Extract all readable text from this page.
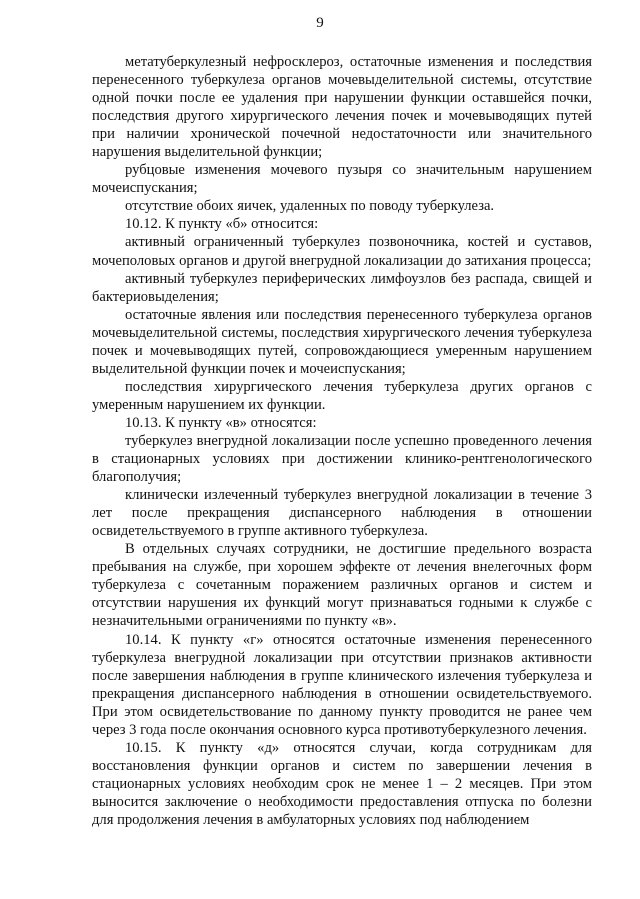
9

метатуберкулезный нефросклероз, остаточные изменения и последствия перенесенного туберкулеза органов мочевыделительной системы, отсутствие одной почки после ее удаления при нарушении функции оставшейся почки, последствия другого хирургического лечения почек и мочевыводящих путей при наличии хронической почечной недостаточности или значительного нарушения выделительной функции;

рубцовые изменения мочевого пузыря со значительным нарушением мочеиспускания;

отсутствие обоих яичек, удаленных по поводу туберкулеза.

10.12. К пункту «б» относится:

активный ограниченный туберкулез позвоночника, костей и суставов, мочеполовых органов и другой внегрудной локализации до затихания процесса;

активный туберкулез периферических лимфоузлов без распада, свищей и бактериовыделения;

остаточные явления или последствия перенесенного туберкулеза органов мочевыделительной системы, последствия хирургического лечения туберкулеза почек и мочевыводящих путей, сопровождающиеся умеренным нарушением выделительной функции почек и мочеиспускания;

последствия хирургического лечения туберкулеза других органов с умеренным нарушением их функции.

10.13. К пункту «в» относятся:

туберкулез внегрудной локализации после успешно проведенного лечения в стационарных условиях при достижении клинико-рентгенологического благополучия;

клинически излеченный туберкулез внегрудной локализации в течение 3 лет после прекращения диспансерного наблюдения в отношении освидетельствуемого в группе активного туберкулеза.

В отдельных случаях сотрудники, не достигшие предельного возраста пребывания на службе, при хорошем эффекте от лечения внелегочных форм туберкулеза с сочетанным поражением различных органов и систем и отсутствии нарушения их функций могут признаваться годными к службе с незначительными ограничениями по пункту «в».

10.14. К пункту «г» относятся остаточные изменения перенесенного туберкулеза внегрудной локализации при отсутствии признаков активности после завершения наблюдения в группе клинического излечения туберкулеза и прекращения диспансерного наблюдения в отношении освидетельствуемого. При этом освидетельствование по данному пункту проводится не ранее чем через 3 года после окончания основного курса противотуберкулезного лечения.

10.15. К пункту «д» относятся случаи, когда сотрудникам для восстановления функции органов и систем по завершении лечения в стационарных условиях необходим срок не менее 1 – 2 месяцев. При этом выносится заключение о необходимости предоставления отпуска по болезни для продолжения лечения в амбулаторных условиях под наблюдением
